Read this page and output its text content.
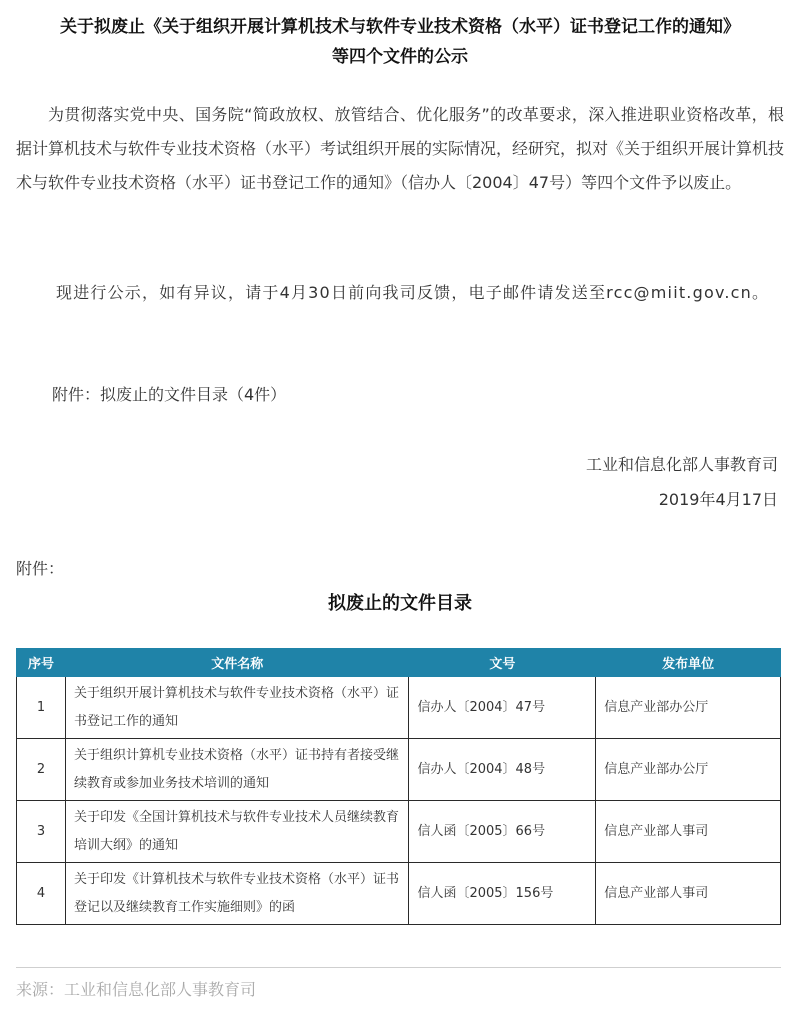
关于拟废止《关于组织开展计算机技术与软件专业技术资格（水平）证书登记工作的通知》
等四个文件的公示

为贯彻落实党中央、国务院“简政放权、放管结合、优化服务”的改革要求，深入推进职业资格改革，根据计算机技术与软件专业技术资格（水平）考试组织开展的实际情况，经研究，拟对《关于组织开展计算机技术与软件专业技术资格（水平）证书登记工作的通知》（信办人〔2004〕47号）等四个文件予以废止。

现进行公示，如有异议，请于4月30日前向我司反馈，电子邮件请发送至rcc@miit.gov.cn。

附件：拟废止的文件目录（4件）

工业和信息化部人事教育司
2019年4月17日
附件：
拟废止的文件目录
序号	文件名称	文号	发布单位
1	关于组织开展计算机技术与软件专业技术资格（水平）证书登记工作的通知	信办人〔2004〕47号	信息产业部办公厅
2	关于组织计算机专业技术资格（水平）证书持有者接受继续教育或参加业务技术培训的通知	信办人〔2004〕48号	信息产业部办公厅
3	关于印发《全国计算机技术与软件专业技术人员继续教育培训大纲》的通知	信人函〔2005〕66号	信息产业部人事司
4	关于印发《计算机技术与软件专业技术资格（水平）证书登记以及继续教育工作实施细则》的函	信人函〔2005〕156号	信息产业部人事司
来源：工业和信息化部人事教育司
